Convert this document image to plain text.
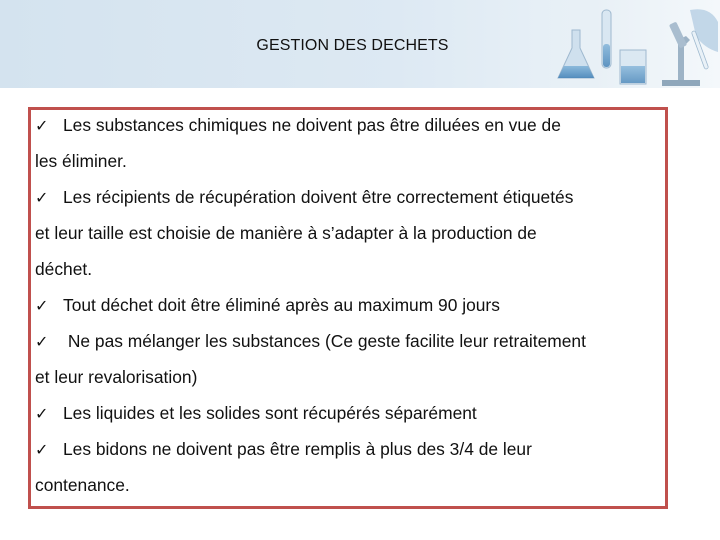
GESTION DES DECHETS
✓ Les substances chimiques ne doivent pas être diluées en vue de
les éliminer.
✓ Les récipients de récupération doivent être correctement étiquetés
et leur taille est choisie de manière à s’adapter à la production de
déchet.
✓ Tout déchet doit être éliminé après au maximum 90 jours
✓ Ne pas mélanger les substances (Ce geste facilite leur retraitement
et leur revalorisation)
✓ Les liquides et les solides sont récupérés séparément
✓ Les bidons ne doivent pas être remplis à plus des 3/4 de leur
contenance.
